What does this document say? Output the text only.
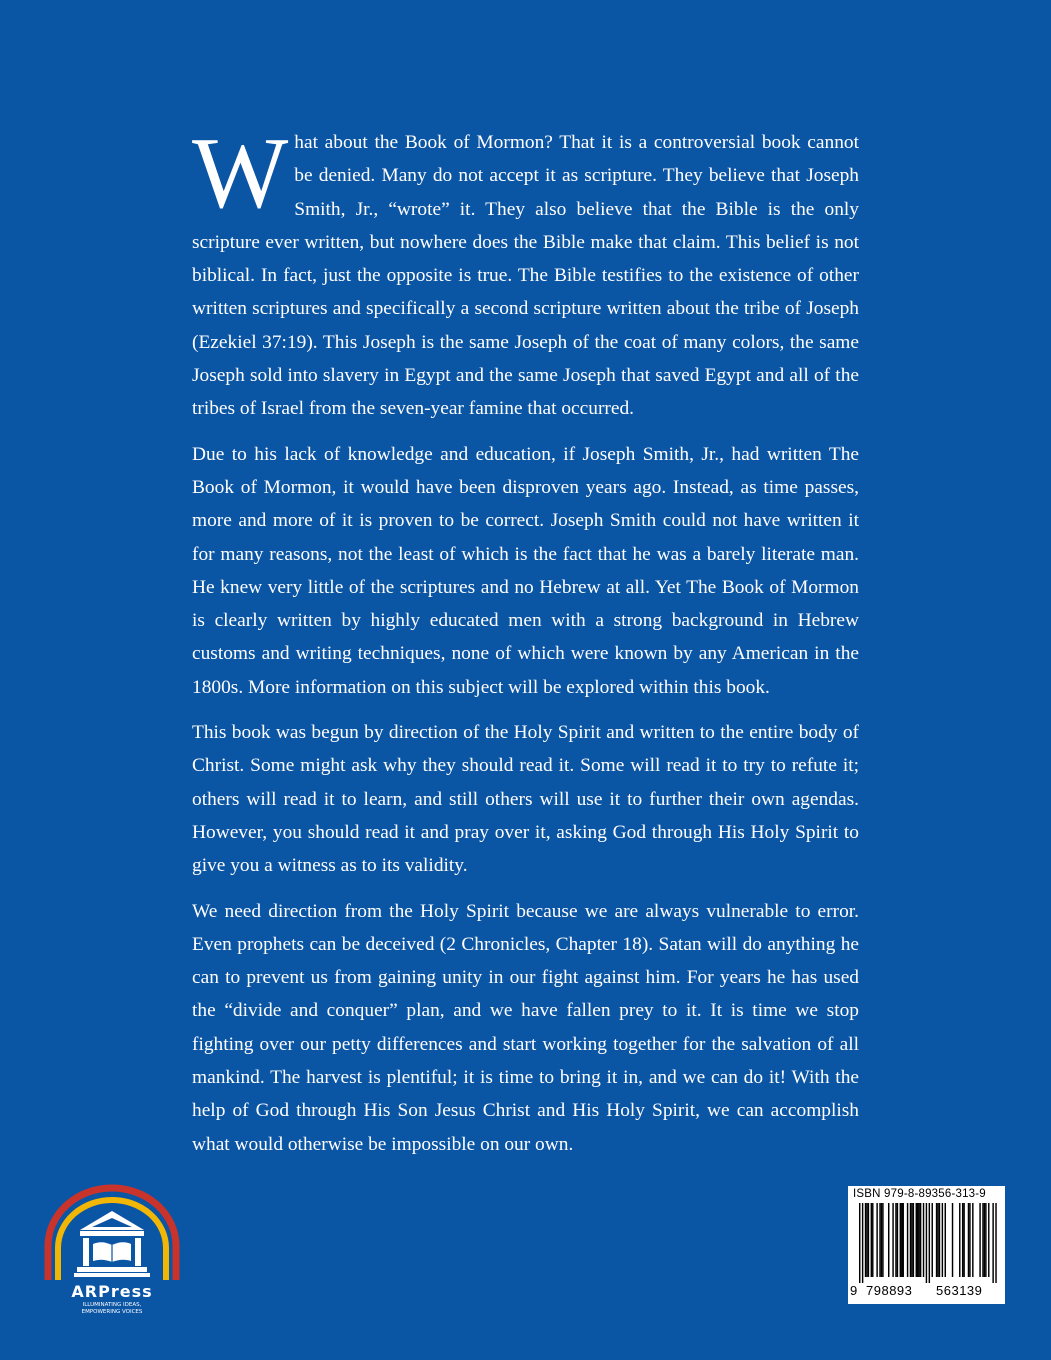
What about the Book of Mormon? That it is a controversial book cannot be denied. Many do not accept it as scripture. They believe that Joseph Smith, Jr., “wrote” it. They also believe that the Bible is the only scripture ever written, but nowhere does the Bible make that claim. This belief is not biblical. In fact, just the opposite is true. The Bible testifies to the existence of other written scriptures and specifically a second scripture written about the tribe of Joseph (Ezekiel 37:19). This Joseph is the same Joseph of the coat of many colors, the same Joseph sold into slavery in Egypt and the same Joseph that saved Egypt and all of the tribes of Israel from the seven-year famine that occurred.

Due to his lack of knowledge and education, if Joseph Smith, Jr., had written The Book of Mormon, it would have been disproven years ago. Instead, as time passes, more and more of it is proven to be correct. Joseph Smith could not have written it for many reasons, not the least of which is the fact that he was a barely literate man. He knew very little of the scriptures and no Hebrew at all. Yet The Book of Mormon is clearly written by highly educated men with a strong background in Hebrew customs and writing techniques, none of which were known by any American in the 1800s. More information on this subject will be explored within this book.

This book was begun by direction of the Holy Spirit and written to the entire body of Christ. Some might ask why they should read it. Some will read it to try to refute it; others will read it to learn, and still others will use it to further their own agendas. However, you should read it and pray over it, asking God through His Holy Spirit to give you a witness as to its validity.

We need direction from the Holy Spirit because we are always vulnerable to error. Even prophets can be deceived (2 Chronicles, Chapter 18). Satan will do anything he can to prevent us from gaining unity in our fight against him. For years he has used the “divide and conquer” plan, and we have fallen prey to it. It is time we stop fighting over our petty differences and start working together for the salvation of all mankind. The harvest is plentiful; it is time to bring it in, and we can do it! With the help of God through His Son Jesus Christ and His Holy Spirit, we can accomplish what would otherwise be impossible on our own.

ARPress
ILLUMINATING IDEAS,
EMPOWERING VOICES
ISBN 979-8-89356-313-9
9 798893 563139
